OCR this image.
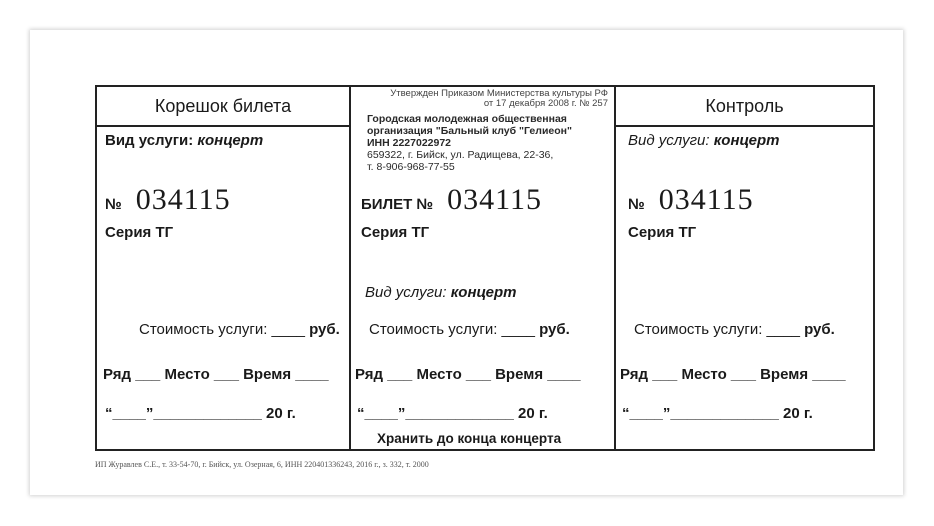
Корешок билета
Вид услуги: концерт
№ 034115
Серия ТГ
Стоимость услуги: ____ руб.
Ряд ___ Место ___ Время ____
“____”_____________ 20 г.
Утвержден Приказом Министерства культуры РФ
от 17 декабря 2008 г. № 257
Городская молодежная общественная
организация "Бальный клуб "Гелиеон"
ИНН 2227022972
659322, г. Бийск, ул. Радищева, 22-36,
т. 8-906-968-77-55
БИЛЕТ № 034115
Серия ТГ
Вид услуги: концерт
Стоимость услуги: ____ руб.
Ряд ___ Место ___ Время ____
“____”_____________ 20 г.
Хранить до конца концерта
Контроль
Вид услуги: концерт
№ 034115
Серия ТГ
Стоимость услуги: ____ руб.
Ряд ___ Место ___ Время ____
“____”_____________ 20 г.
ИП Журавлев С.Е., т. 33-54-70, г. Бийск, ул. Озерная, 6, ИНН 220401336243, 2016 г., з. 332, т. 2000
